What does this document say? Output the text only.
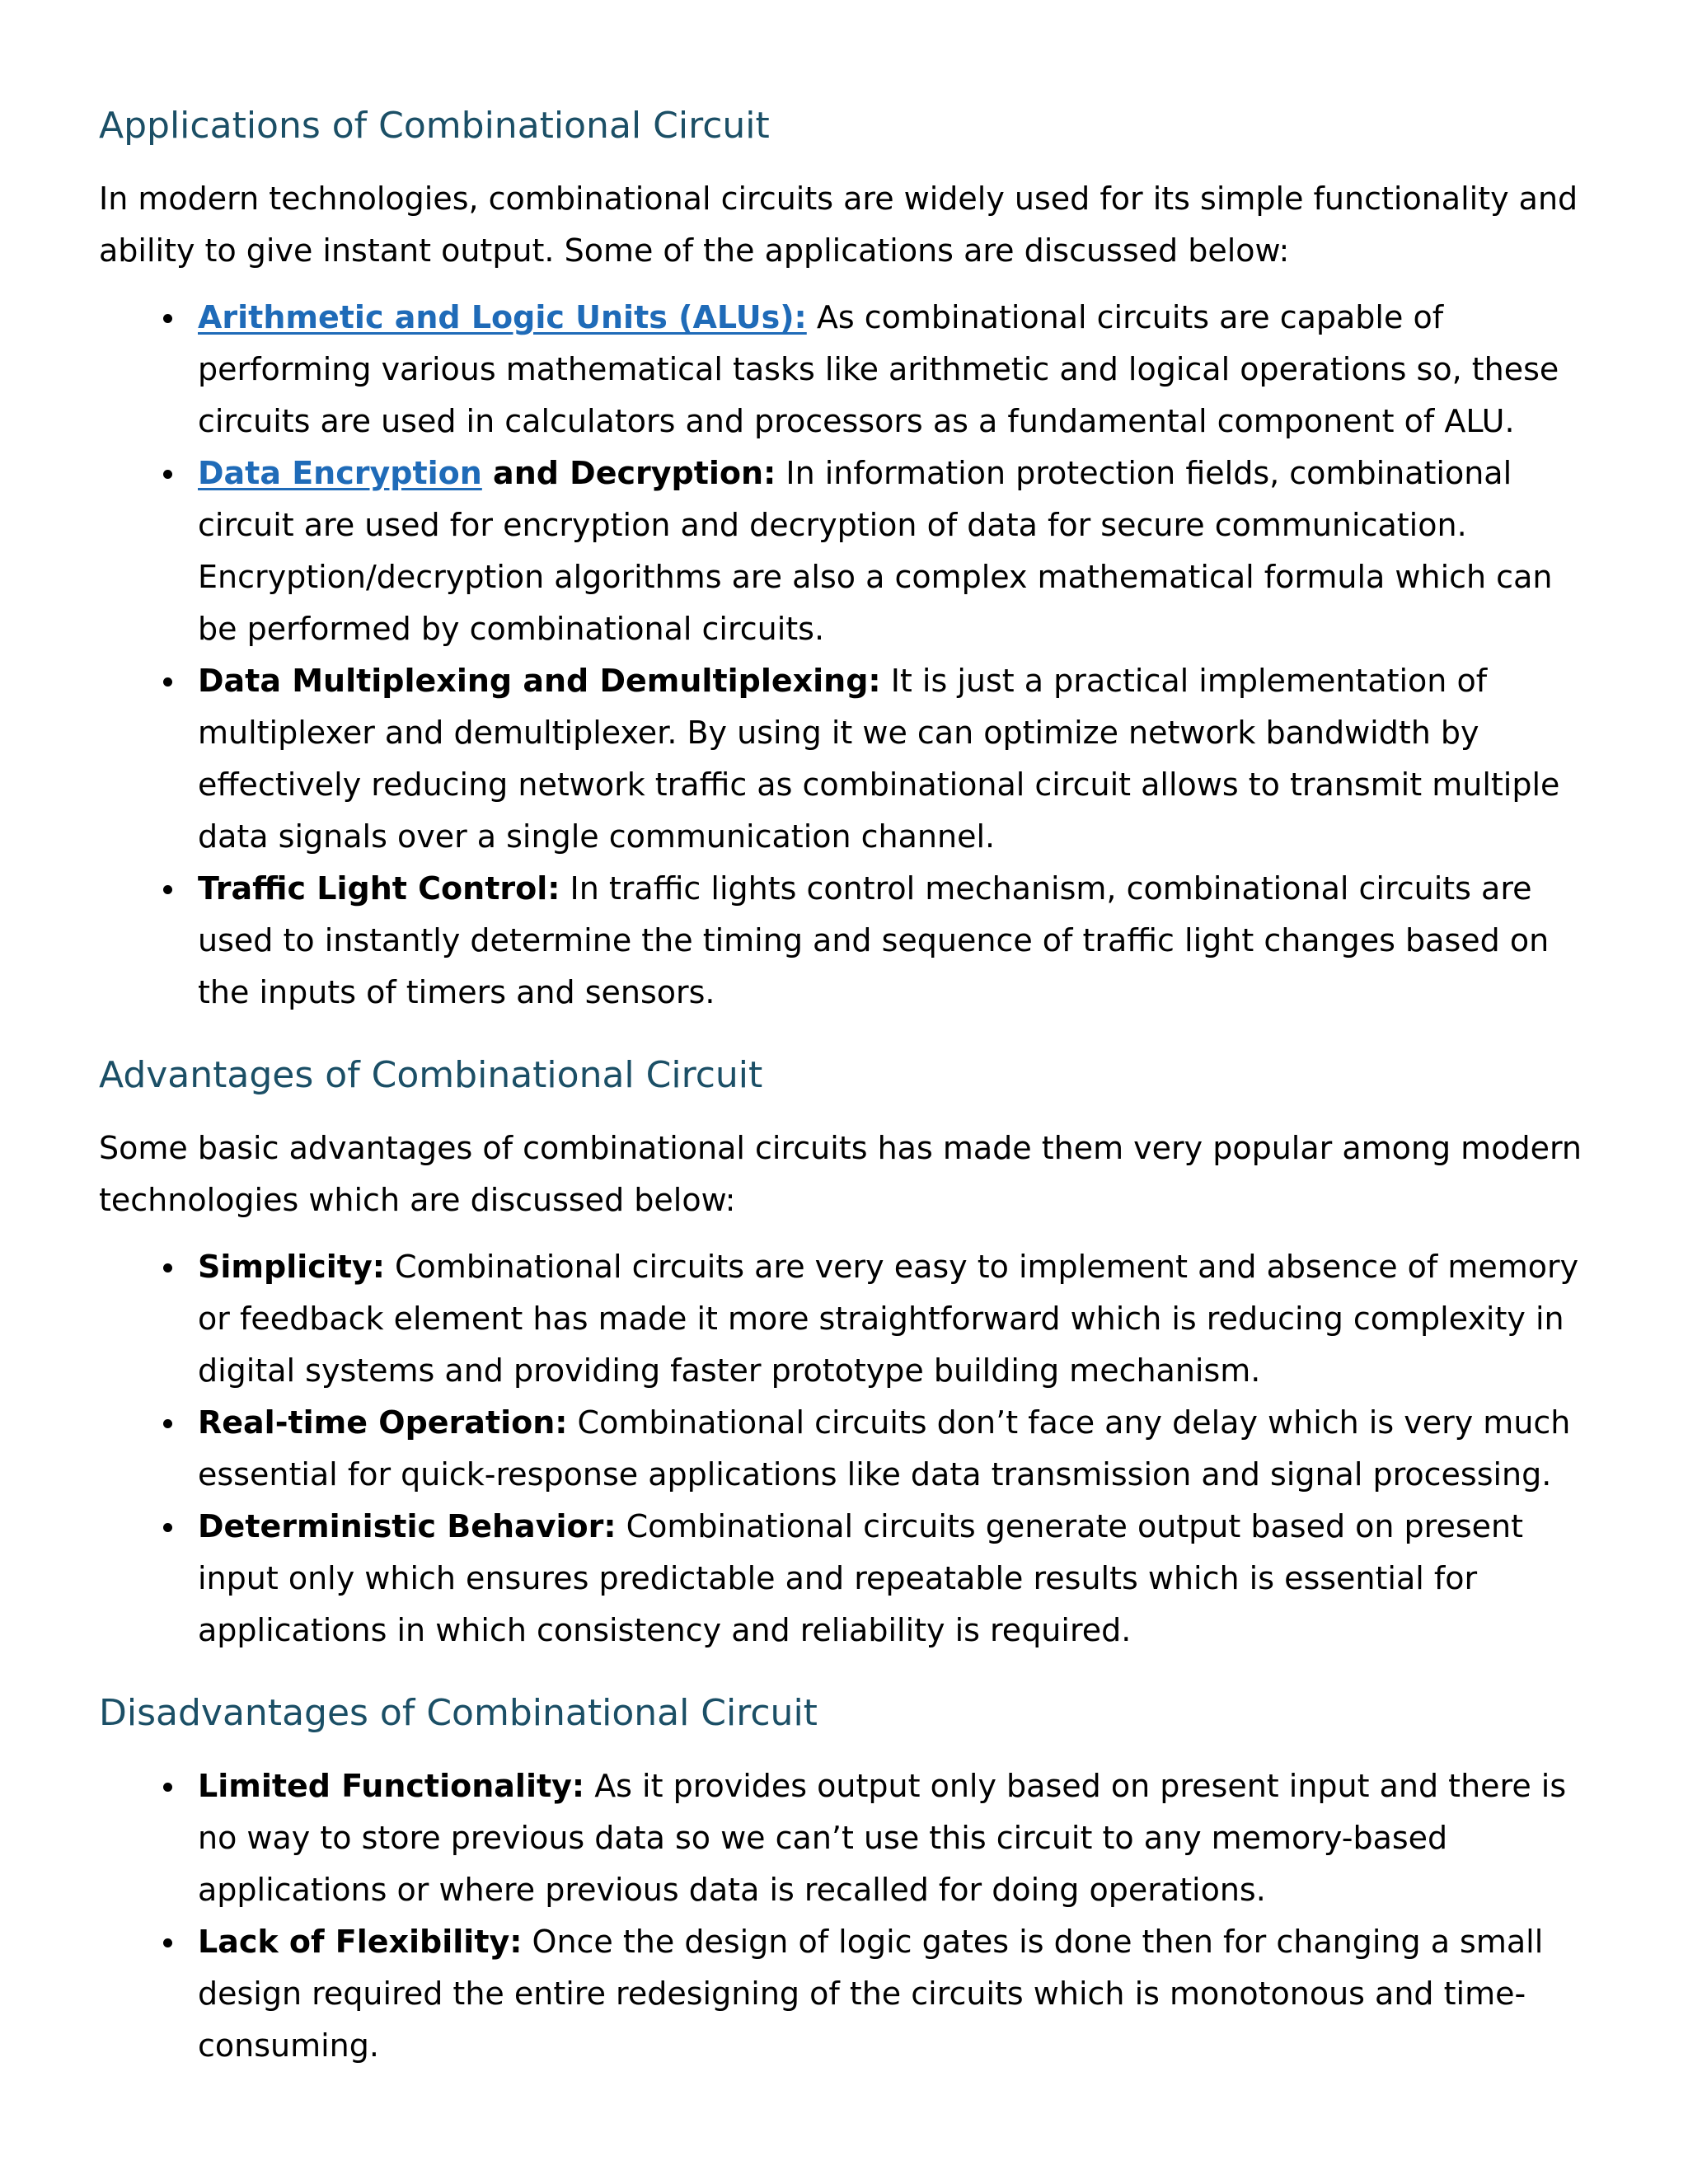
Applications of Combinational Circuit

In modern technologies, combinational circuits are widely used for its simple functionality and ability to give instant output. Some of the applications are discussed below:

Arithmetic and Logic Units (ALUs): As combinational circuits are capable of performing various mathematical tasks like arithmetic and logical operations so, these circuits are used in calculators and processors as a fundamental component of ALU.
Data Encryption and Decryption: In information protection fields, combinational circuit are used for encryption and decryption of data for secure communication. Encryption/decryption algorithms are also a complex mathematical formula which can be performed by combinational circuits.
Data Multiplexing and Demultiplexing: It is just a practical implementation of multiplexer and demultiplexer. By using it we can optimize network bandwidth by effectively reducing network traffic as combinational circuit allows to transmit multiple data signals over a single communication channel.
Traffic Light Control: In traffic lights control mechanism, combinational circuits are used to instantly determine the timing and sequence of traffic light changes based on the inputs of timers and sensors.
Advantages of Combinational Circuit

Some basic advantages of combinational circuits has made them very popular among modern technologies which are discussed below:

Simplicity: Combinational circuits are very easy to implement and absence of memory or feedback element has made it more straightforward which is reducing complexity in digital systems and providing faster prototype building mechanism.
Real-time Operation: Combinational circuits don’t face any delay which is very much essential for quick-response applications like data transmission and signal processing.
Deterministic Behavior: Combinational circuits generate output based on present input only which ensures predictable and repeatable results which is essential for applications in which consistency and reliability is required.
Disadvantages of Combinational Circuit
Limited Functionality: As it provides output only based on present input and there is no way to store previous data so we can’t use this circuit to any memory-based applications or where previous data is recalled for doing operations.
Lack of Flexibility: Once the design of logic gates is done then for changing a small design required the entire redesigning of the circuits which is monotonous and time-consuming.
